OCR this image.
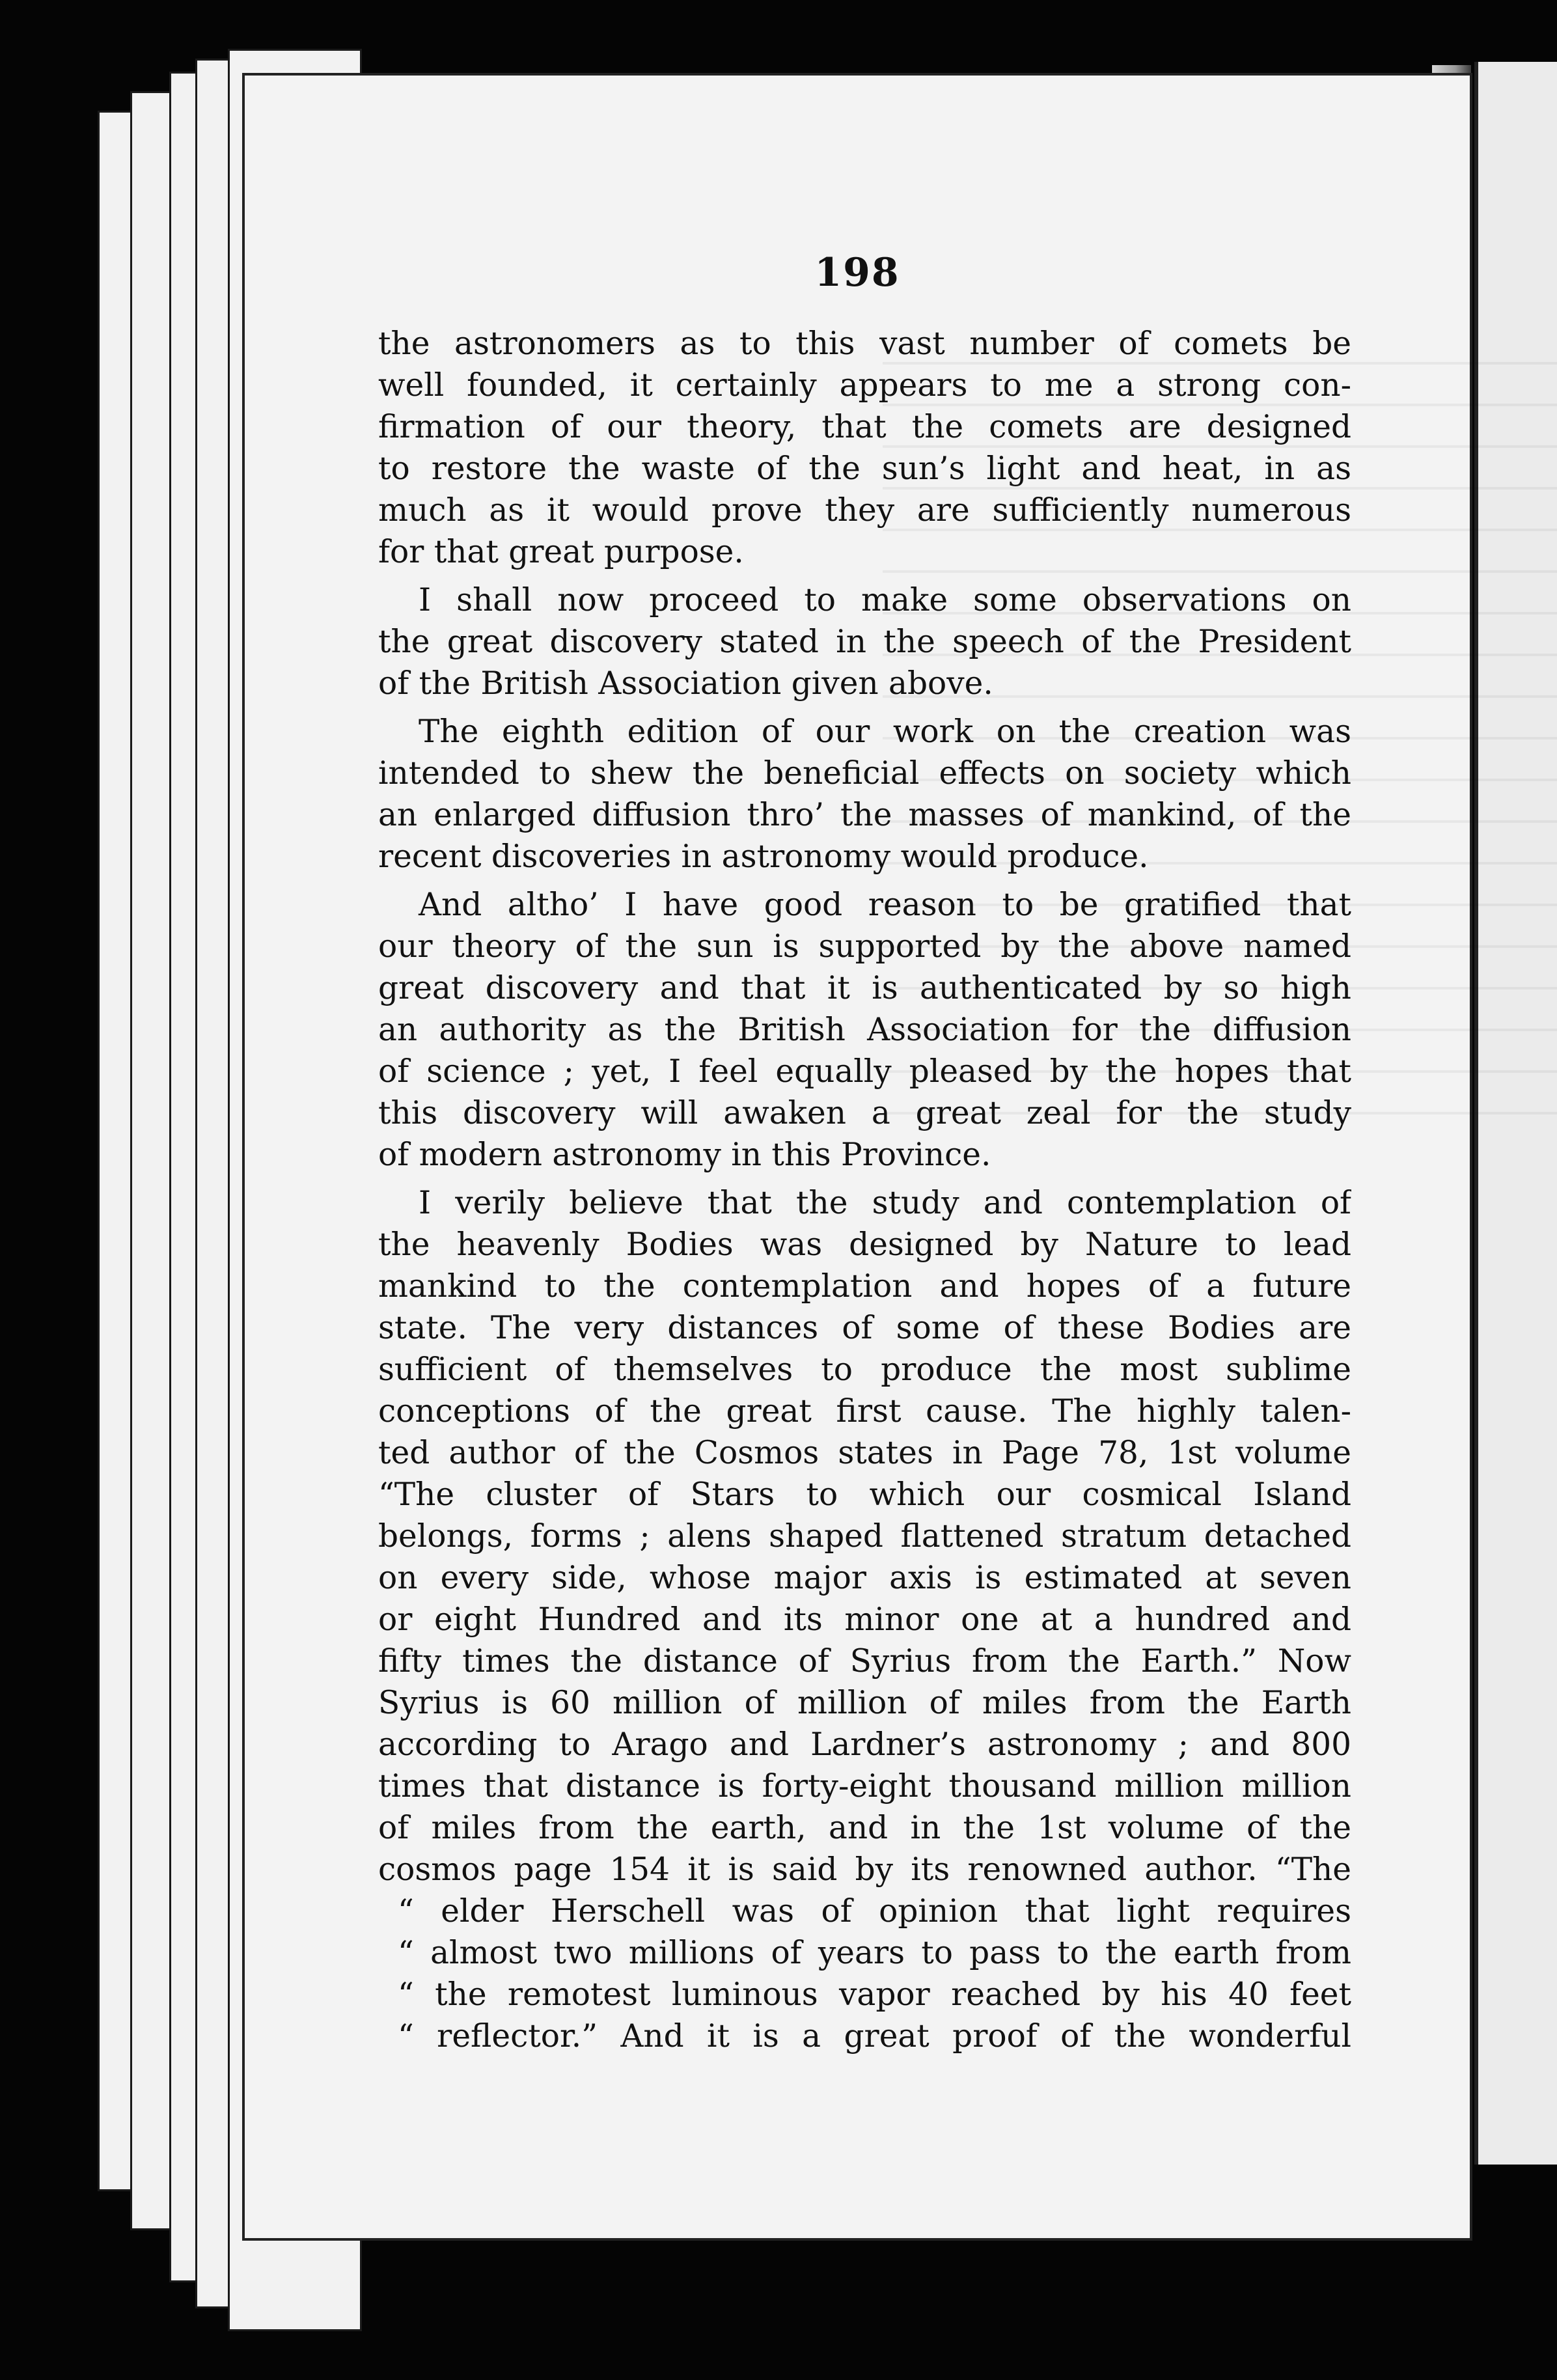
198
the astronomers as to this vast number of comets be
well founded, it certainly appears to me a strong con-
firmation of our theory, that the comets are designed
to restore the waste of the sun’s light and heat, in as
much as it would prove they are sufficiently numerous
for that great purpose.
I shall now proceed to make some observations on
the great discovery stated in the speech of the President
of the British Association given above.
The eighth edition of our work on the creation was
intended to shew the beneficial effects on society which
an enlarged diffusion thro’ the masses of mankind, of the
recent discoveries in astronomy would produce.
And altho’ I have good reason to be gratified that
our theory of the sun is supported by the above named
great discovery and that it is authenticated by so high
an authority as the British Association for the diffusion
of science ; yet, I feel equally pleased by the hopes that
this discovery will awaken a great zeal for the study
of modern astronomy in this Province.
I verily believe that the study and contemplation of
the heavenly Bodies was designed by Nature to lead
mankind to the contemplation and hopes of a future
state. The very distances of some of these Bodies are
sufficient of themselves to produce the most sublime
conceptions of the great first cause. The highly talen-
ted author of the Cosmos states in Page 78, 1st volume
“The cluster of Stars to which our cosmical Island
belongs, forms ; alens shaped flattened stratum detached
on every side, whose major axis is estimated at seven
or eight Hundred and its minor one at a hundred and
fifty times the distance of Syrius from the Earth.” Now
Syrius is 60 million of million of miles from the Earth
according to Arago and Lardner’s astronomy ; and 800
times that distance is forty-eight thousand million million
of miles from the earth, and in the 1st volume of the
cosmos page 154 it is said by its renowned author. “The
“ elder Herschell was of opinion that light requires
“ almost two millions of years to pass to the earth from
“ the remotest luminous vapor reached by his 40 feet
“ reflector.” And it is a great proof of the wonderful
